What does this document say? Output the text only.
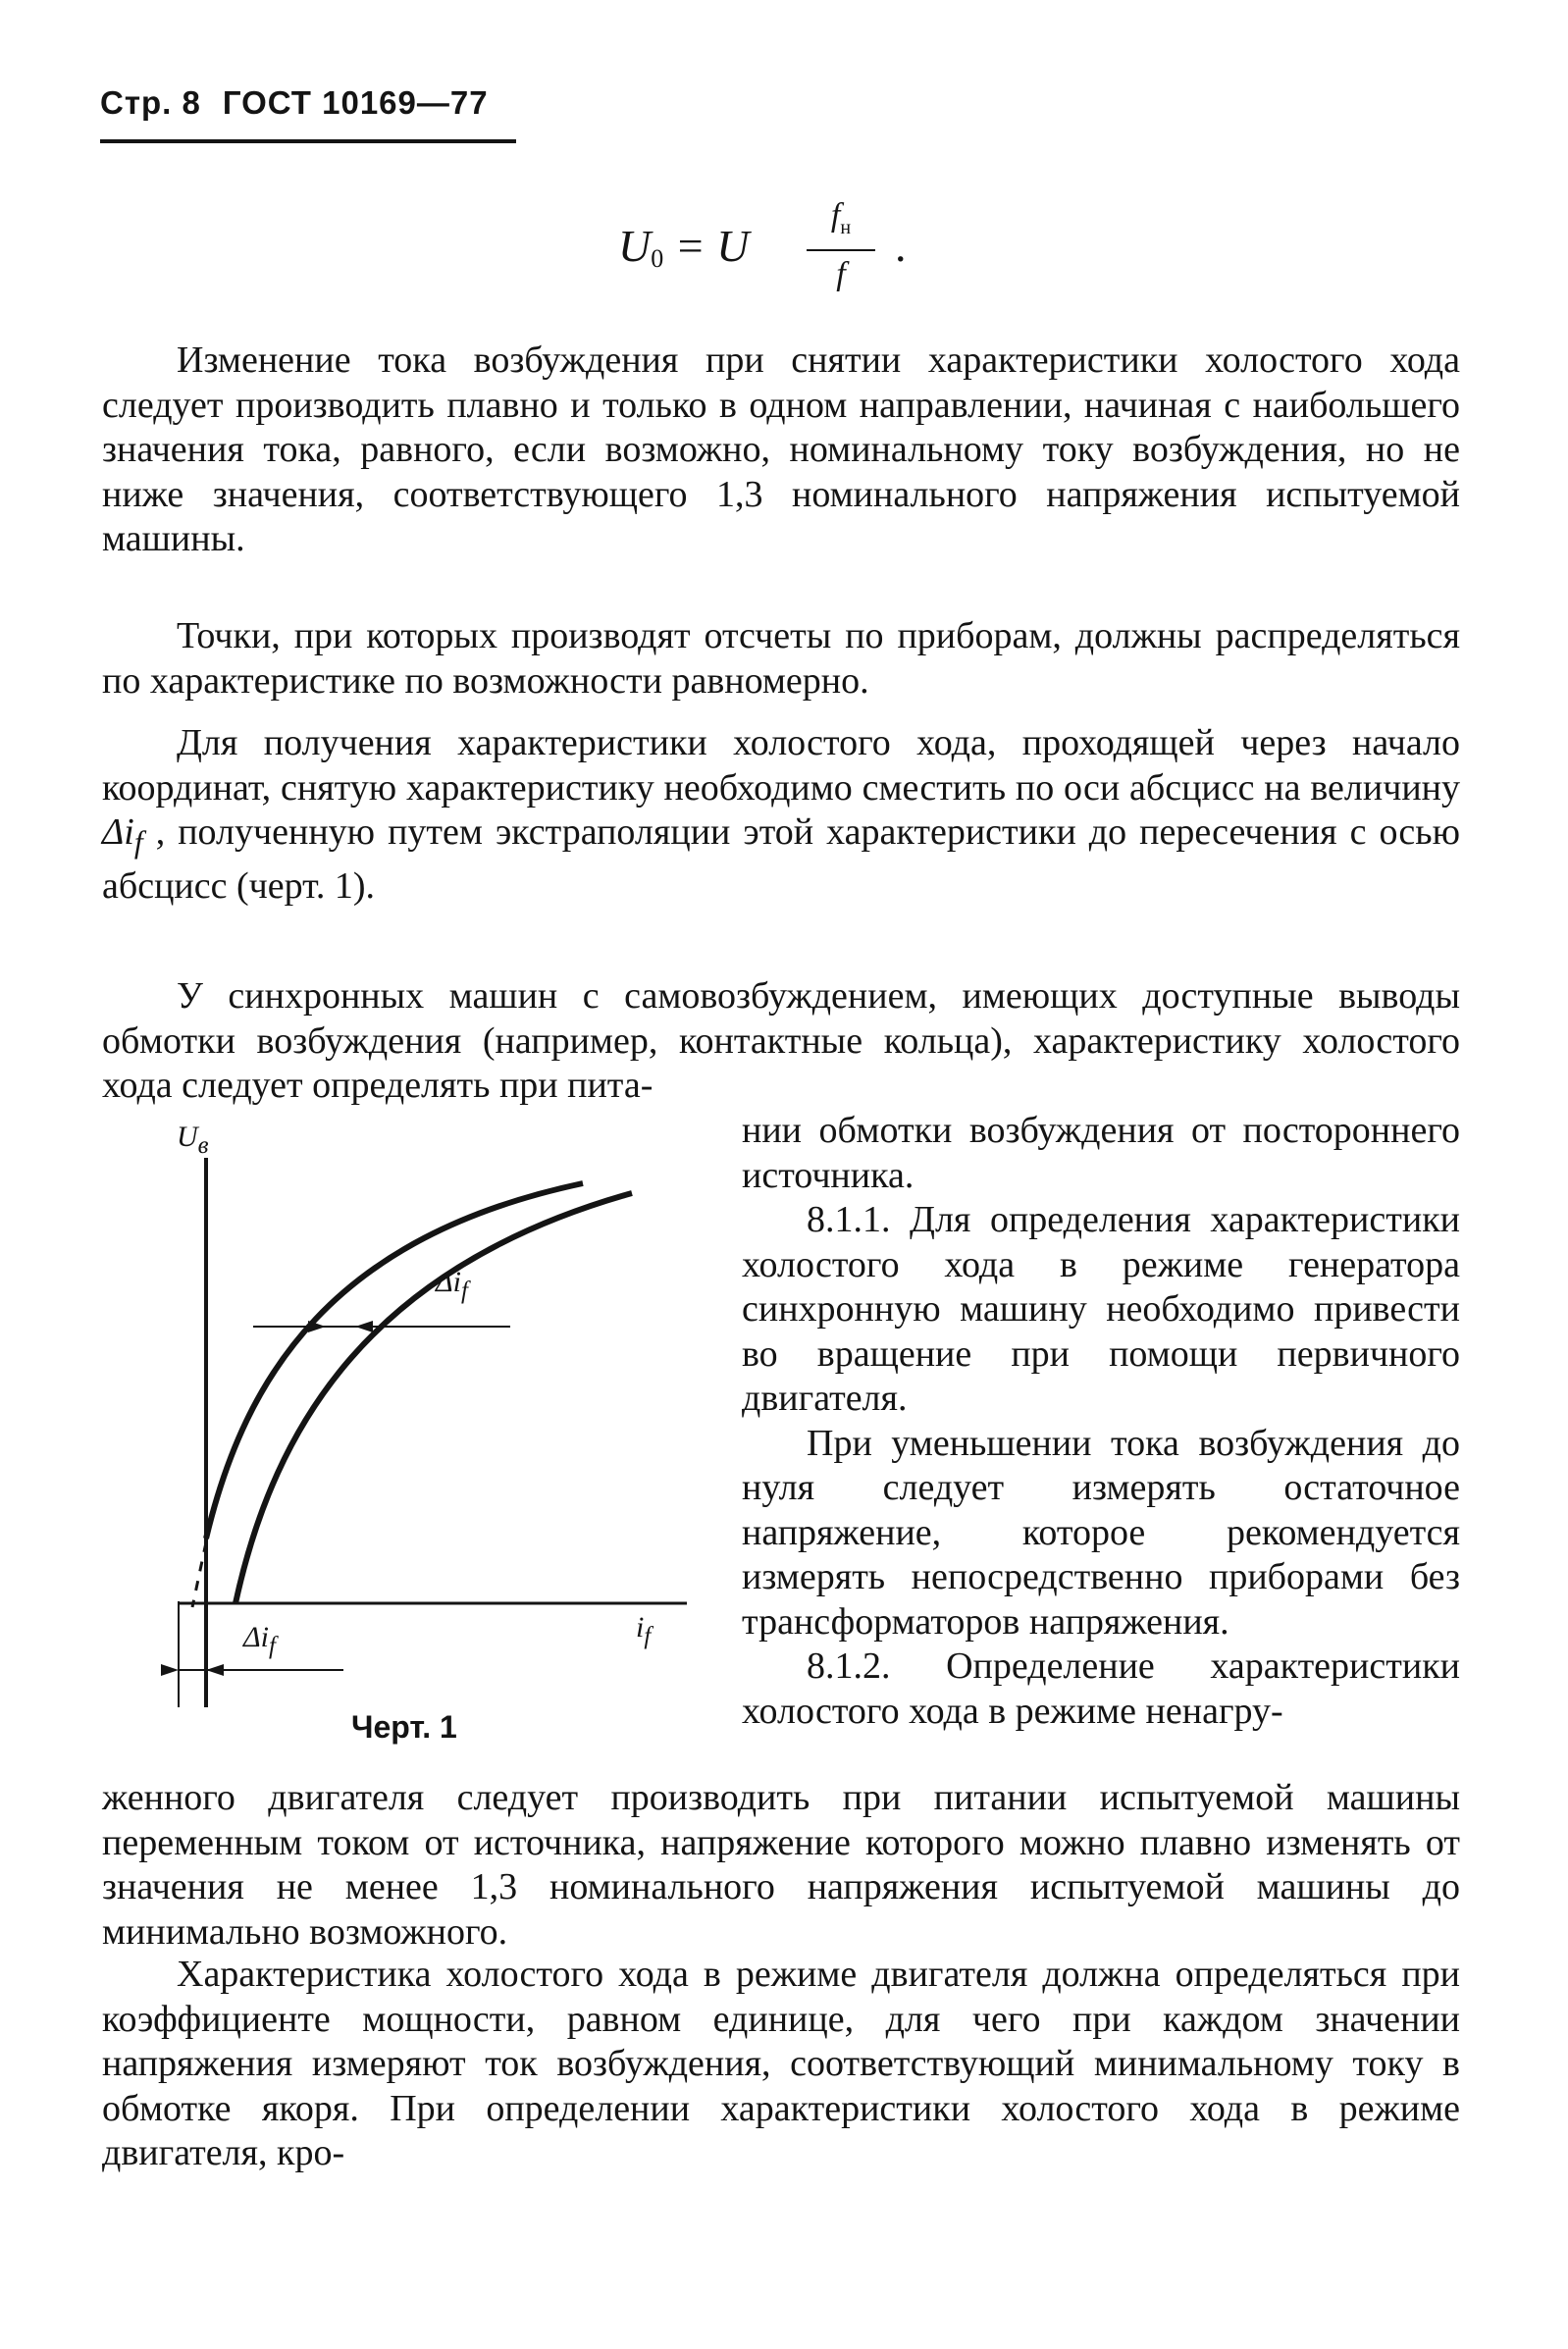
Стр. 8 ГОСТ 10169—77
$U_0 = U$
$f_н$
f
.

Изменение тока возбуждения при снятии характеристики холостого хода следует производить плавно и только в одном направлении, начиная с наибольшего значения тока, равного, если возможно, номинальному току возбуждения, но не ниже значения, соответствующего 1,3 номинального напряжения испытуемой машины.

Точки, при которых производят отсчеты по приборам, должны распределяться по характеристике по возможности равномерно.

Для получения характеристики холостого хода, проходящей через начало координат, снятую характеристику необходимо сместить по оси абсцисс на величину $\Delta i_f$ , полученную путем экстраполяции этой характеристики до пересечения с осью абсцисс (черт. 1).

У синхронных машин с самовозбуждением, имеющих доступные выводы обмотки возбуждения (например, контактные кольца), характеристику холостого хода следует определять при пита-

нии обмотки возбуждения от постороннего источника.

8.1.1. Для определения характеристики холостого хода в режиме генератора синхронную машину необходимо привести во вращение при помощи первичного двигателя.

При уменьшении тока возбуждения до нуля следует измерять остаточное напряжение, которое рекомендуется измерять непосредственно приборами без трансформаторов напряжения.

8.1.2. Определение характеристики холостого хода в режиме ненагру-

$U_в$
$\Delta i_f$
$\Delta i_f$
$i_f$
Черт. 1

женного двигателя следует производить при питании испытуемой машины переменным током от источника, напряжение которого можно плавно изменять от значения не менее 1,3 номинального напряжения испытуемой машины до минимально возможного.

Характеристика холостого хода в режиме двигателя должна определяться при коэффициенте мощности, равном единице, для чего при каждом значении напряжения измеряют ток возбуждения, соответствующий минимальному току в обмотке якоря. При определении характеристики холостого хода в режиме двигателя, кро-
